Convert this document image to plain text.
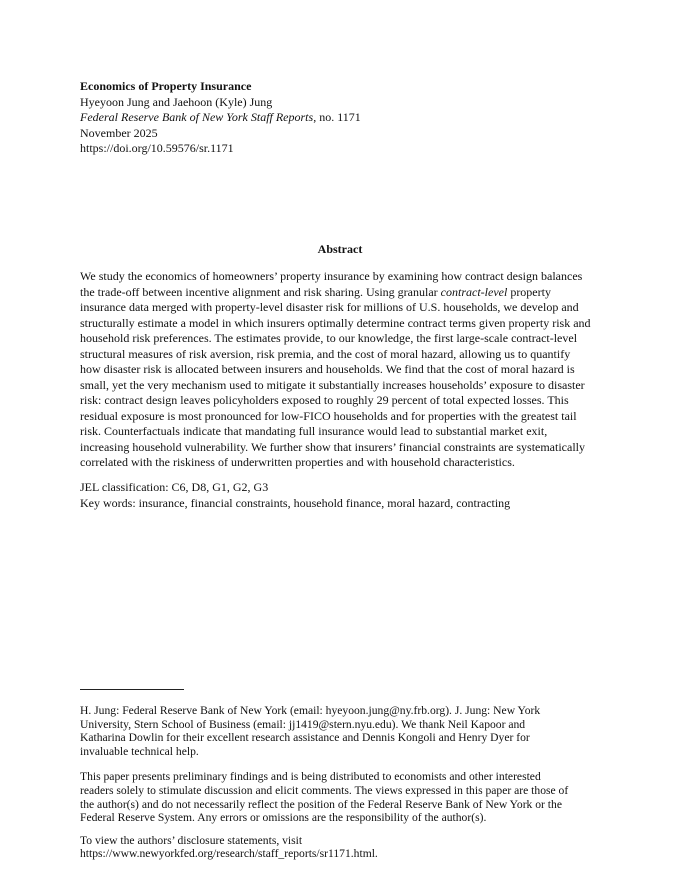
Economics of Property Insurance
Hyeyoon Jung and Jaehoon (Kyle) Jung
Federal Reserve Bank of New York Staff Reports, no. 1171
November 2025
https://doi.org/10.59576/sr.1171
Abstract
We study the economics of homeowners’ property insurance by examining how contract design balances
the trade-off between incentive alignment and risk sharing. Using granular contract-level property
insurance data merged with property-level disaster risk for millions of U.S. households, we develop and
structurally estimate a model in which insurers optimally determine contract terms given property risk and
household risk preferences. The estimates provide, to our knowledge, the first large-scale contract-level
structural measures of risk aversion, risk premia, and the cost of moral hazard, allowing us to quantify
how disaster risk is allocated between insurers and households. We find that the cost of moral hazard is
small, yet the very mechanism used to mitigate it substantially increases households’ exposure to disaster
risk: contract design leaves policyholders exposed to roughly 29 percent of total expected losses. This
residual exposure is most pronounced for low-FICO households and for properties with the greatest tail
risk. Counterfactuals indicate that mandating full insurance would lead to substantial market exit,
increasing household vulnerability. We further show that insurers’ financial constraints are systematically
correlated with the riskiness of underwritten properties and with household characteristics.
JEL classification: C6, D8, G1, G2, G3
Key words: insurance, financial constraints, household finance, moral hazard, contracting
H. Jung: Federal Reserve Bank of New York (email: hyeyoon.jung@ny.frb.org). J. Jung: New York
University, Stern School of Business (email: jj1419@stern.nyu.edu). We thank Neil Kapoor and
Katharina Dowlin for their excellent research assistance and Dennis Kongoli and Henry Dyer for
invaluable technical help.
This paper presents preliminary findings and is being distributed to economists and other interested
readers solely to stimulate discussion and elicit comments. The views expressed in this paper are those of
the author(s) and do not necessarily reflect the position of the Federal Reserve Bank of New York or the
Federal Reserve System. Any errors or omissions are the responsibility of the author(s).
To view the authors’ disclosure statements, visit
https://www.newyorkfed.org/research/staff_reports/sr1171.html.
